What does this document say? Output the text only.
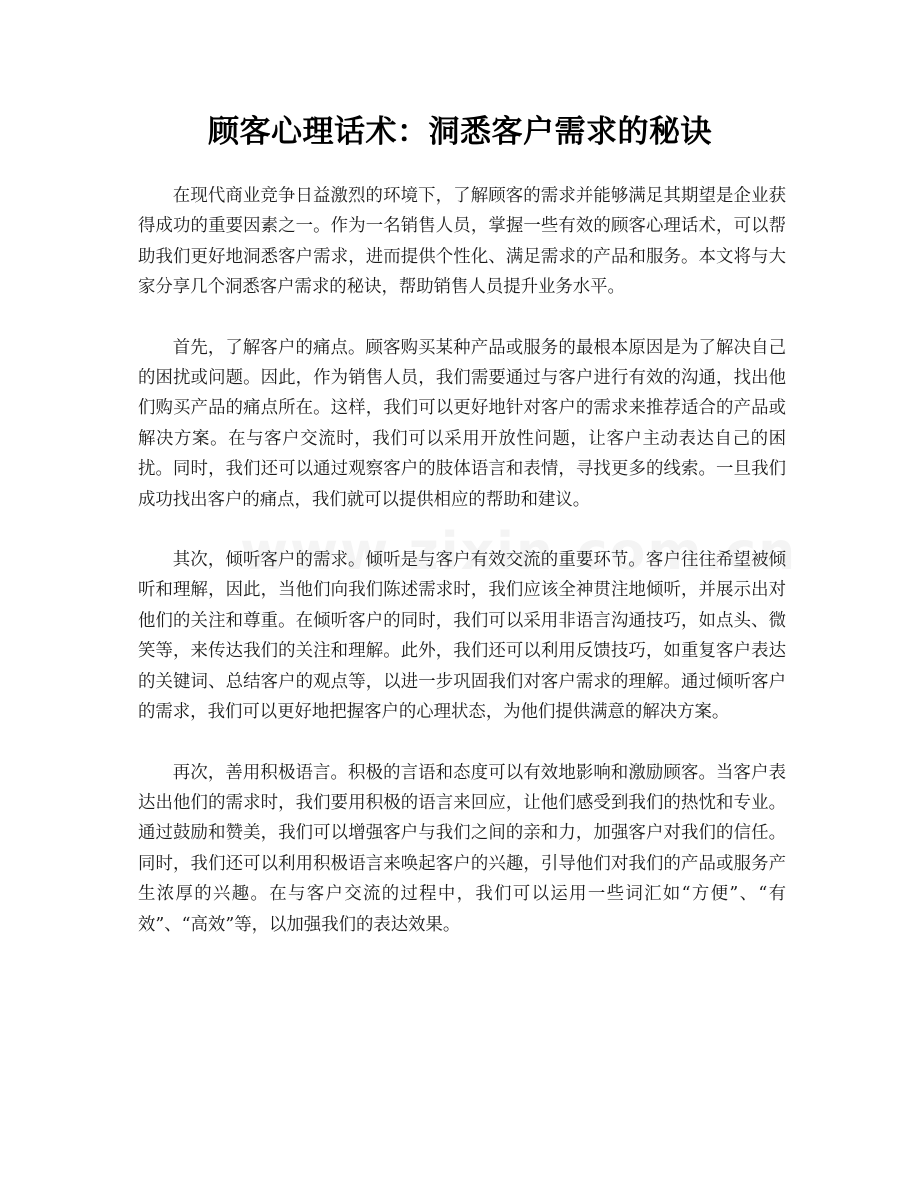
顾客心理话术：洞悉客户需求的秘诀

在现代商业竞争日益激烈的环境下，了解顾客的需求并能够满足其期望是企业获得成功的重要因素之一。作为一名销售人员，掌握一些有效的顾客心理话术，可以帮助我们更好地洞悉客户需求，进而提供个性化、满足需求的产品和服务。本文将与大家分享几个洞悉客户需求的秘诀，帮助销售人员提升业务水平。

首先，了解客户的痛点。顾客购买某种产品或服务的最根本原因是为了解决自己的困扰或问题。因此，作为销售人员，我们需要通过与客户进行有效的沟通，找出他们购买产品的痛点所在。这样，我们可以更好地针对客户的需求来推荐适合的产品或解决方案。在与客户交流时，我们可以采用开放性问题，让客户主动表达自己的困扰。同时，我们还可以通过观察客户的肢体语言和表情，寻找更多的线索。一旦我们成功找出客户的痛点，我们就可以提供相应的帮助和建议。

其次，倾听客户的需求。倾听是与客户有效交流的重要环节。客户往往希望被倾听和理解，因此，当他们向我们陈述需求时，我们应该全神贯注地倾听，并展示出对他们的关注和尊重。在倾听客户的同时，我们可以采用非语言沟通技巧，如点头、微笑等，来传达我们的关注和理解。此外，我们还可以利用反馈技巧，如重复客户表达的关键词、总结客户的观点等，以进一步巩固我们对客户需求的理解。通过倾听客户的需求，我们可以更好地把握客户的心理状态，为他们提供满意的解决方案。

再次，善用积极语言。积极的言语和态度可以有效地影响和激励顾客。当客户表达出他们的需求时，我们要用积极的语言来回应，让他们感受到我们的热忱和专业。通过鼓励和赞美，我们可以增强客户与我们之间的亲和力，加强客户对我们的信任。同时，我们还可以利用积极语言来唤起客户的兴趣，引导他们对我们的产品或服务产生浓厚的兴趣。在与客户交流的过程中，我们可以运用一些词汇如“方便”、“有效”、“高效”等，以加强我们的表达效果。
